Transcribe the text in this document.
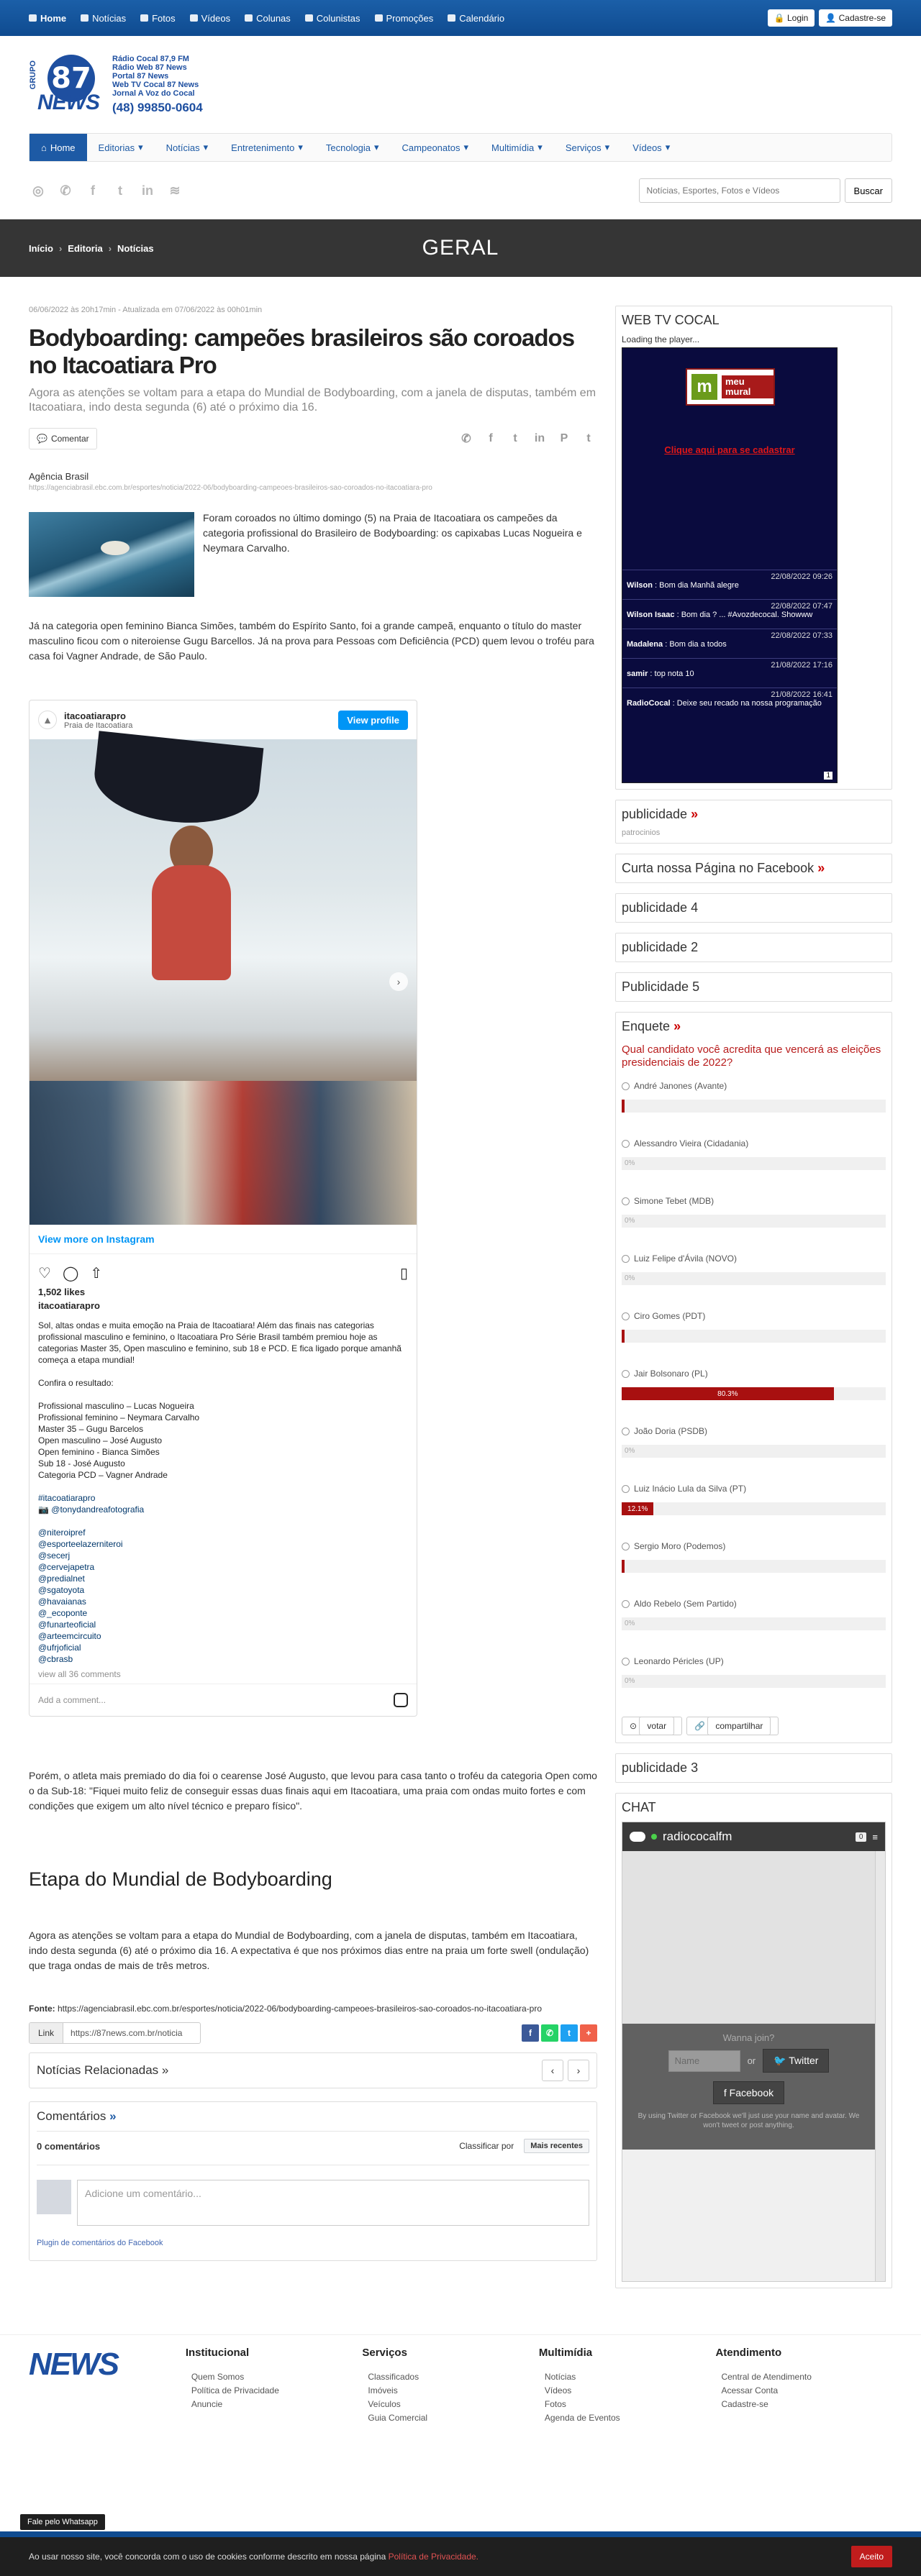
Home	Notícias	Fotos	Vídeos	Colunas	Colunistas	Promoções	Calendário	🔒 Login	👤 Cadastre-se
GRUPO 87
NEWS
Rádio Cocal 87,9 FM
Rádio Web 87 News
Portal 87 News
Web TV Cocal 87 News
Jornal A Voz do Cocal
(48) 99850-0604
⌂ Home Editorias ▾ Notícias ▾ Entretenimento ▾ Tecnologia ▾ Campeonatos ▾ Multimídia ▾ Serviços ▾ Vídeos ▾
◎	✆	f	t	in	≋
Notícias, Esportes, Fotos e Vídeos	Buscar
GERAL
Início › Editoria › Notícias
06/06/2022 às 20h17min - Atualizada em 07/06/2022 às 00h01min
Bodyboarding: campeões brasileiros são coroados no Itacoatiara Pro
Agora as atenções se voltam para a etapa do Mundial de Bodyboarding, com a janela de disputas, também em Itacoatiara, indo desta segunda (6) até o próximo dia 16.
💬 Comentar	✆	f	t	in	P	t
Agência Brasil
https://agenciabrasil.ebc.com.br/esportes/noticia/2022-06/bodyboarding-campeoes-brasileiros-sao-coroados-no-itacoatiara-pro
Foram coroados no último domingo (5) na Praia de Itacoatiara os campeões da categoria profissional do Brasileiro de Bodyboarding: os capixabas Lucas Nogueira e Neymara Carvalho.
Já na categoria open feminino Bianca Simões, também do Espírito Santo, foi a grande campeã, enquanto o título do master masculino ficou com o niteroiense Gugu Barcellos. Já na prova para Pessoas com Deficiência (PCD) quem levou o troféu para casa foi Vagner Andrade, de São Paulo.
▲	itacoatiarapro
Praia de Itacoatiara	View profile
›
View more on Instagram
♡ ◯ ⇧	▯
1,502 likes
itacoatiarapro
Sol, altas ondas e muita emoção na Praia de Itacoatiara! Além das finais nas categorias profissional masculino e feminino, o Itacoatiara Pro Série Brasil também premiou hoje as categorias Master 35, Open masculino e feminino, sub 18 e PCD. E fica ligado porque amanhã começa a etapa mundial!

Confira o resultado:

Profissional masculino – Lucas Nogueira
Profissional feminino – Neymara Carvalho
Master 35 – Gugu Barcelos
Open masculino – José Augusto
Open feminino - Bianca Simões
Sub 18 - José Augusto
Categoria PCD – Vagner Andrade
#itacoatiarapro
📷 @tonydandreafotografia
@niteroipref
@esporteelazerniteroi
@secerj
@cervejapetra
@predialnet
@sgatoyota
@havaianas
@_ecoponte
@funarteoficial
@arteemcircuito
@ufrjoficial
@cbrasb
view all 36 comments
Add a comment...
Porém, o atleta mais premiado do dia foi o cearense José Augusto, que levou para casa tanto o troféu da categoria Open como o da Sub-18: "Fiquei muito feliz de conseguir essas duas finais aqui em Itacoatiara, uma praia com ondas muito fortes e com condições que exigem um alto nível técnico e preparo físico".
Etapa do Mundial de Bodyboarding
Agora as atenções se voltam para a etapa do Mundial de Bodyboarding, com a janela de disputas, também em Itacoatiara, indo desta segunda (6) até o próximo dia 16. A expectativa é que nos próximos dias entre na praia um forte swell (ondulação) que traga ondas de mais de três metros.
Fonte: https://agenciabrasil.ebc.com.br/esportes/noticia/2022-06/bodyboarding-campeoes-brasileiros-sao-coroados-no-itacoatiara-pro
Link	https://87news.com.br/noticia	f	✆	t	+
Notícias Relacionadas »	‹	›
Comentários »
0 comentários	Classificar por	Mais recentes
Adicione um comentário...
Plugin de comentários do Facebook
WEB TV COCAL
Loading the player...
m	meu mural
Clique aqui para se cadastrar
22/08/2022 09:26
Wilson : Bom dia Manhã alegre
22/08/2022 07:47
Wilson Isaac : Bom dia ? ... #Avozdecocal. Showww
22/08/2022 07:33
Madalena : Bom dia a todos
21/08/2022 17:16
samir : top nota 10
21/08/2022 16:41
RadioCocal : Deixe seu recado na nossa programação
1
publicidade »
patrocinios
Curta nossa Página no Facebook »
publicidade 4
publicidade 2
Publicidade 5
Enquete »
Qual candidato você acredita que vencerá as eleições presidenciais de 2022?
André Janones (Avante)
Alessandro Vieira (Cidadania)
0%
Simone Tebet (MDB)
0%
Luiz Felipe d'Ávila (NOVO)
0%
Ciro Gomes (PDT)
Jair Bolsonaro (PL)
80.3%
João Doria (PSDB)
0%
Luiz Inácio Lula da Silva (PT)
12.1%
Sergio Moro (Podemos)
Aldo Rebelo (Sem Partido)
0%
Leonardo Péricles (UP)
0%
⊙ votar	🔗 compartilhar
publicidade 3
CHAT
radiococalfm	0	≡
Wanna join?
Name	or	🐦 Twitter
f Facebook
By using Twitter or Facebook we'll just use your name and avatar. We won't tweet or post anything.
NEWS	Institucional
Quem Somos
Política de Privacidade
Anuncie
Serviços
Classificados
Imóveis
Veículos
Guia Comercial
Multimídia
Notícias
Vídeos
Fotos
Agenda de Eventos
Atendimento
Central de Atendimento
Acessar Conta
Cadastre-se
Fale pelo Whatsapp
Ao usar nosso site, você concorda com o uso de cookies conforme descrito em nossa página Política de Privacidade.	Aceito
